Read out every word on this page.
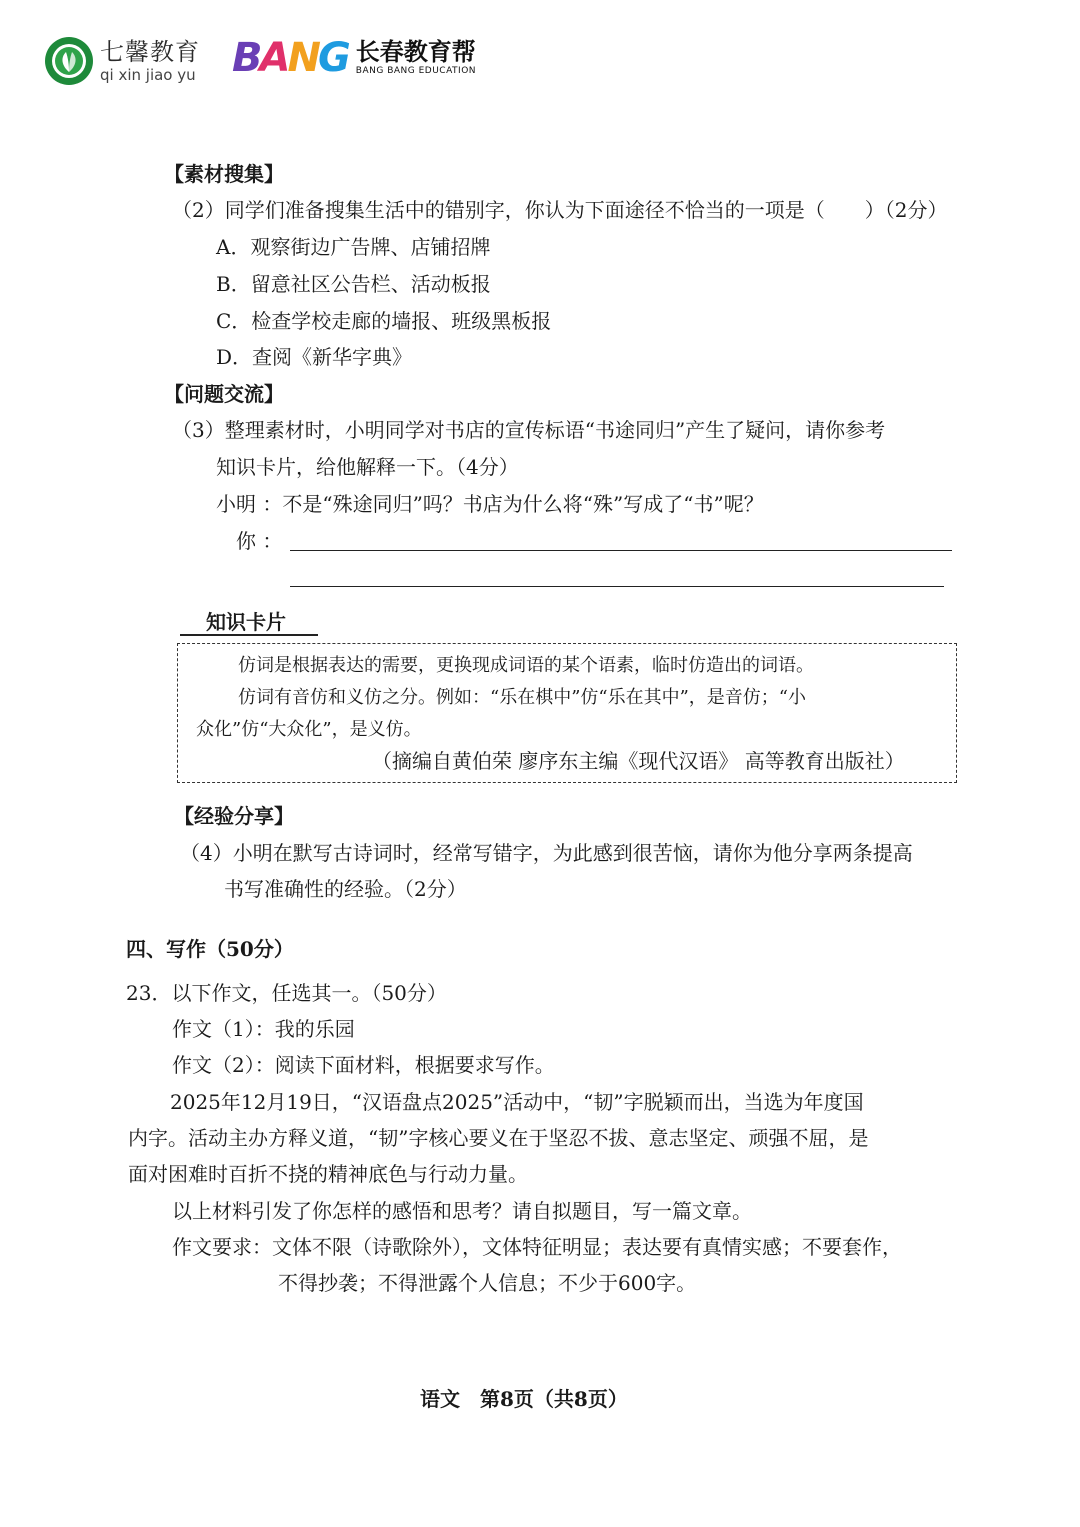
七馨教育
qi xin jiao yu BANG 长春教育帮
BANG BANG EDUCATION
【素材搜集】
（2）同学们准备搜集生活中的错别字，你认为下面途径不恰当的一项是（　　）（2分）
A．观察街边广告牌、店铺招牌
B．留意社区公告栏、活动板报
C．检查学校走廊的墙报、班级黑板报
D．查阅《新华字典》
【问题交流】
（3）整理素材时，小明同学对书店的宣传标语“书途同归”产生了疑问，请你参考
知识卡片，给他解释一下。（4分）
小明 ：不是“殊途同归”吗？书店为什么将“殊”写成了“书”呢？
你 ：
知识卡片
仿词是根据表达的需要，更换现成词语的某个语素，临时仿造出的词语。
仿词有音仿和义仿之分。例如：“乐在棋中”仿“乐在其中”，是音仿；“小
众化”仿“大众化”，是义仿。
（摘编自黄伯荣 廖序东主编《现代汉语》 高等教育出版社）
【经验分享】
（4）小明在默写古诗词时，经常写错字，为此感到很苦恼，请你为他分享两条提高
书写准确性的经验。（2分）
四、写作（50分）
23．以下作文，任选其一。（50分）
作文（1）：我的乐园
作文（2）：阅读下面材料，根据要求写作。
2025年12月19日，“汉语盘点2025”活动中，“韧”字脱颖而出，当选为年度国
内字。活动主办方释义道，“韧”字核心要义在于坚忍不拔、意志坚定、顽强不屈，是
面对困难时百折不挠的精神底色与行动力量。
以上材料引发了你怎样的感悟和思考？请自拟题目，写一篇文章。
作文要求：文体不限（诗歌除外），文体特征明显；表达要有真情实感；不要套作，
不得抄袭；不得泄露个人信息；不少于600字。
语文　第8页（共8页）
